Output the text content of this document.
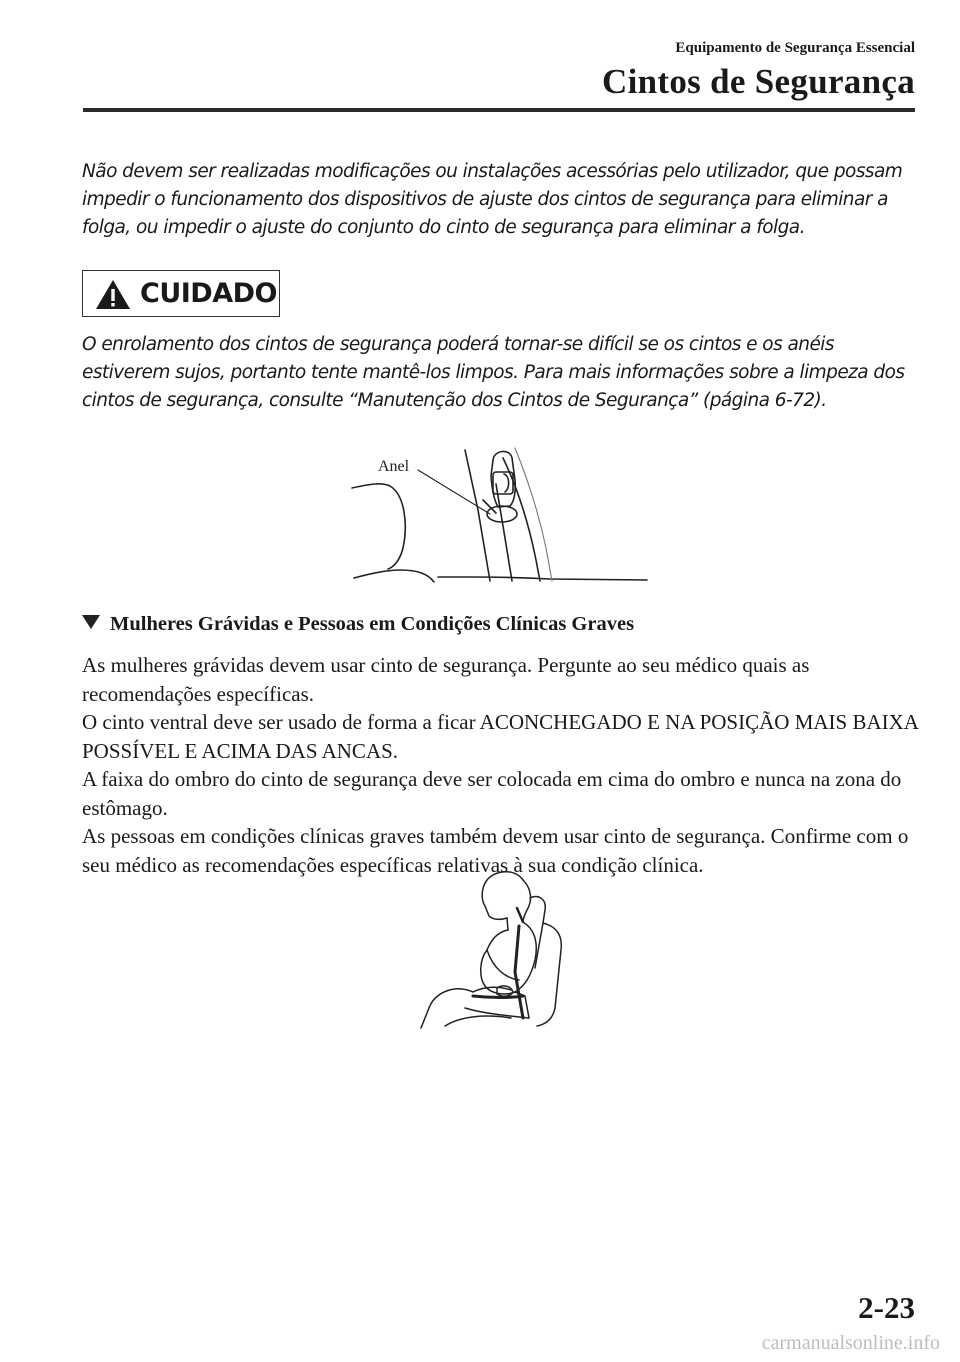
Equipamento de Segurança Essencial
Cintos de Segurança
Não devem ser realizadas modificações ou instalações acessórias pelo utilizador, que possam impedir o funcionamento dos dispositivos de ajuste dos cintos de segurança para eliminar a folga, ou impedir o ajuste do conjunto do cinto de segurança para eliminar a folga.
CUIDADO
O enrolamento dos cintos de segurança poderá tornar-se difícil se os cintos e os anéis estiverem sujos, portanto tente mantê-los limpos. Para mais informações sobre a limpeza dos cintos de segurança, consulte “Manutenção dos Cintos de Segurança” (página 6-72).
Anel
Mulheres Grávidas e Pessoas em Condições Clínicas Graves

As mulheres grávidas devem usar cinto de segurança. Pergunte ao seu médico quais as recomendações específicas.

O cinto ventral deve ser usado de forma a ficar ACONCHEGADO E NA POSIÇÃO MAIS BAIXA POSSÍVEL E ACIMA DAS ANCAS.

A faixa do ombro do cinto de segurança deve ser colocada em cima do ombro e nunca na zona do estômago.

As pessoas em condições clínicas graves também devem usar cinto de segurança. Confirme com o seu médico as recomendações específicas relativas à sua condição clínica.

2-23
carmanualsonline.info
